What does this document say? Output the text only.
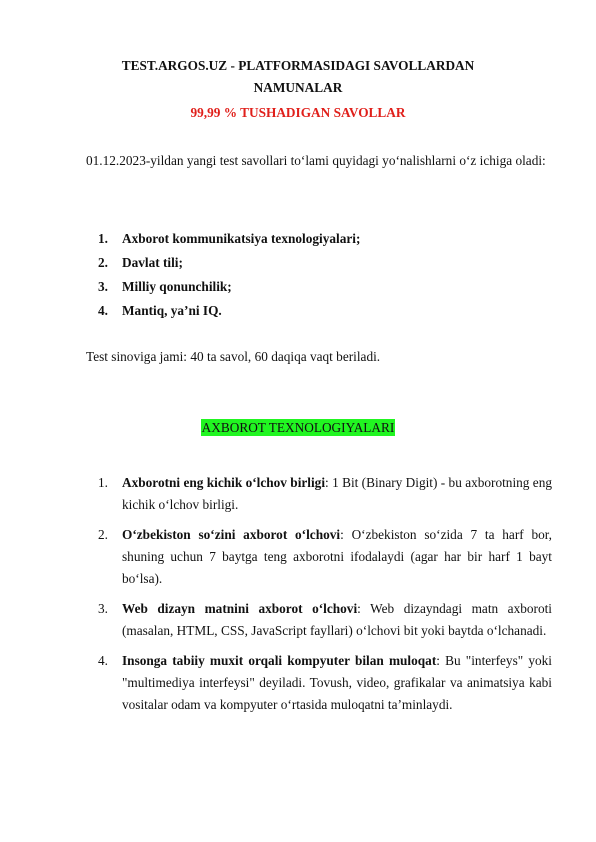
TEST.ARGOS.UZ - PLATFORMASIDAGI SAVOLLARDAN
NAMUNALAR
99,99 % TUSHADIGAN SAVOLLAR
01.12.2023-yildan yangi test savollari to‘lami quyidagi yo‘nalishlarni o‘z ichiga oladi:
1.	Axborot kommunikatsiya texnologiyalari;
2.	Davlat tili;
3.	Milliy qonunchilik;
4.	Mantiq, ya’ni IQ.
Test sinoviga jami: 40 ta savol, 60 daqiqa vaqt beriladi.
AXBOROT TEXNOLOGIYALARI
1.	Axborotni eng kichik o‘lchov birligi: 1 Bit (Binary Digit) - bu axborotning eng kichik o‘lchov birligi.
2.	O‘zbekiston so‘zini axborot o‘lchovi: O‘zbekiston so‘zida 7 ta harf bor, shuning uchun 7 baytga teng axborotni ifodalaydi (agar har bir harf 1 bayt bo‘lsa).
3.	Web dizayn matnini axborot o‘lchovi: Web dizayndagi matn axboroti (masalan, HTML, CSS, JavaScript fayllari) o‘lchovi bit yoki baytda o‘lchanadi.
4.	Insonga tabiiy muxit orqali kompyuter bilan muloqat: Bu "interfeys" yoki "multimediya interfeysi" deyiladi. Tovush, video, grafikalar va animatsiya kabi vositalar odam va kompyuter o‘rtasida muloqatni ta’minlaydi.
